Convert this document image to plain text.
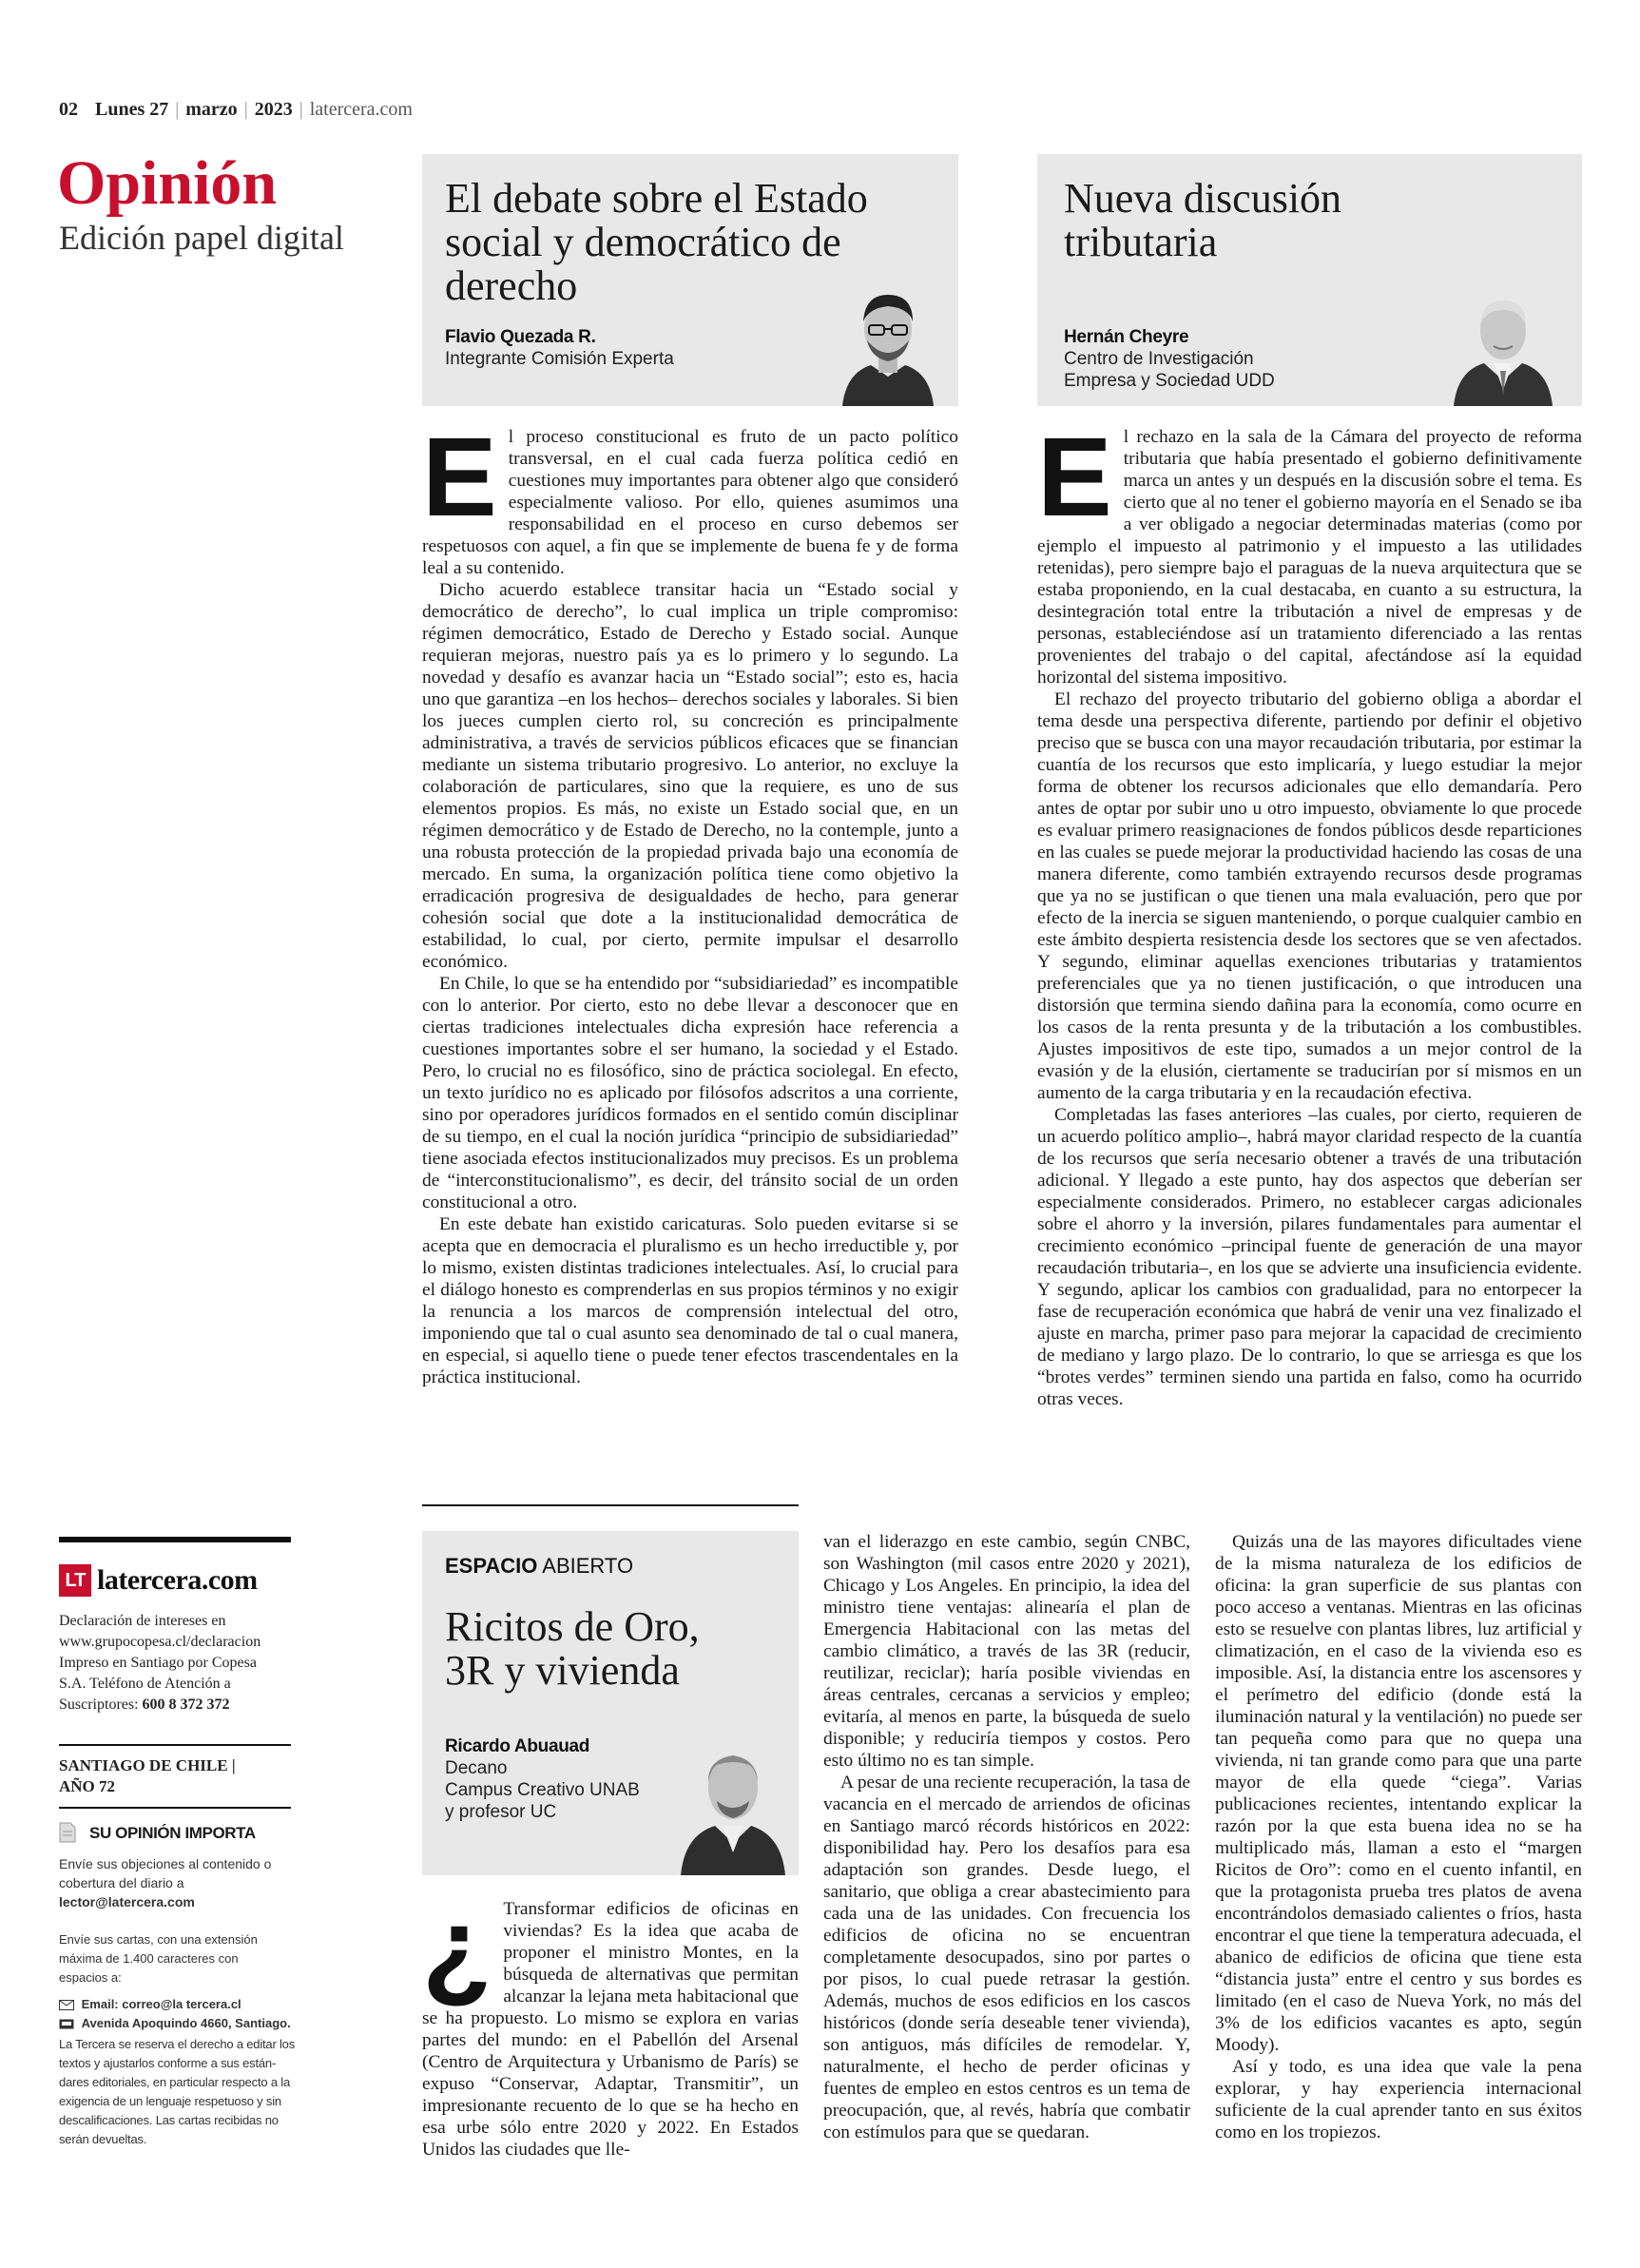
02 Lunes 27 | marzo | 2023 | latercera.com
Opinión
Edición papel digital
El debate sobre el Estado
social y democrático de
derecho
Flavio Quezada R.
Integrante Comisión Experta
Nueva discusión
tributaria
Hernán Cheyre
Centro de Investigación
Empresa y Sociedad UDD
E l proceso constitucional es fruto de un pacto político transversal, en el cual cada fuerza política cedió en cuestiones muy importantes para obtener algo que consideró especialmente valioso. Por ello, quienes asumimos una responsabilidad en el proceso en curso debemos ser respetuosos con aquel, a fin que se implemente de buena fe y de forma leal a su contenido.

Dicho acuerdo establece transitar hacia un “Estado social y democrático de derecho”, lo cual implica un triple compromiso: régimen democrático, Estado de Derecho y Estado social. Aunque requieran mejoras, nuestro país ya es lo primero y lo segundo. La novedad y desafío es avanzar hacia un “Estado social”; esto es, hacia uno que garantiza –en los hechos– derechos sociales y laborales. Si bien los jueces cumplen cierto rol, su concreción es principalmente administrativa, a través de servicios públicos eficaces que se financian mediante un sistema tributario progresivo. Lo anterior, no excluye la colaboración de particulares, sino que la requiere, es uno de sus elementos propios. Es más, no existe un Estado social que, en un régimen democrático y de Estado de Derecho, no la contemple, junto a una robusta protección de la propiedad privada bajo una economía de mercado. En suma, la organización política tiene como objetivo la erradicación progresiva de desigualdades de hecho, para generar cohesión social que dote a la institucionalidad democrática de estabilidad, lo cual, por cierto, permite impulsar el desarrollo económico.

En Chile, lo que se ha entendido por “subsidiariedad” es incompatible con lo anterior. Por cierto, esto no debe llevar a desconocer que en ciertas tradiciones intelectuales dicha expresión hace referencia a cuestiones importantes sobre el ser humano, la sociedad y el Estado. Pero, lo crucial no es filosófico, sino de práctica sociolegal. En efecto, un texto jurídico no es aplicado por filósofos adscritos a una corriente, sino por operadores jurídicos formados en el sentido común disciplinar de su tiempo, en el cual la noción jurídica “principio de subsidiariedad” tiene asociada efectos institucionalizados muy precisos. Es un problema de “interconstitucionalismo”, es decir, del tránsito social de un orden constitucional a otro.

En este debate han existido caricaturas. Solo pueden evitarse si se acepta que en democracia el pluralismo es un hecho irreductible y, por lo mismo, existen distintas tradiciones intelectuales. Así, lo crucial para el diálogo honesto es comprenderlas en sus propios términos y no exigir la renuncia a los marcos de comprensión intelectual del otro, imponiendo que tal o cual asunto sea denominado de tal o cual manera, en especial, si aquello tiene o puede tener efectos trascendentales en la práctica institucional.

E l rechazo en la sala de la Cámara del proyecto de reforma tributaria que había presentado el gobierno definitivamente marca un antes y un después en la discusión sobre el tema. Es cierto que al no tener el gobierno mayoría en el Senado se iba a ver obligado a negociar determinadas materias (como por ejemplo el impuesto al patrimonio y el impuesto a las utilidades retenidas), pero siempre bajo el paraguas de la nueva arquitectura que se estaba proponiendo, en la cual destacaba, en cuanto a su estructura, la desintegración total entre la tributación a nivel de empresas y de personas, estableciéndose así un tratamiento diferenciado a las rentas provenientes del trabajo o del capital, afectándose así la equidad horizontal del sistema impositivo.

El rechazo del proyecto tributario del gobierno obliga a abordar el tema desde una perspectiva diferente, partiendo por definir el objetivo preciso que se busca con una mayor recaudación tributaria, por estimar la cuantía de los recursos que esto implicaría, y luego estudiar la mejor forma de obtener los recursos adicionales que ello demandaría. Pero antes de optar por subir uno u otro impuesto, obviamente lo que procede es evaluar primero reasignaciones de fondos públicos desde reparticiones en las cuales se puede mejorar la productividad haciendo las cosas de una manera diferente, como también extrayendo recursos desde programas que ya no se justifican o que tienen una mala evaluación, pero que por efecto de la inercia se siguen manteniendo, o porque cualquier cambio en este ámbito despierta resistencia desde los sectores que se ven afectados. Y segundo, eliminar aquellas exenciones tributarias y tratamientos preferenciales que ya no tienen justificación, o que introducen una distorsión que termina siendo dañina para la economía, como ocurre en los casos de la renta presunta y de la tributación a los combustibles. Ajustes impositivos de este tipo, sumados a un mejor control de la evasión y de la elusión, ciertamente se traducirían por sí mismos en un aumento de la carga tributaria y en la recaudación efectiva.

Completadas las fases anteriores –las cuales, por cierto, requieren de un acuerdo político amplio–, habrá mayor claridad respecto de la cuantía de los recursos que sería necesario obtener a través de una tributación adicional. Y llegado a este punto, hay dos aspectos que deberían ser especialmente considerados. Primero, no establecer cargas adicionales sobre el ahorro y la inversión, pilares fundamentales para aumentar el crecimiento económico –principal fuente de generación de una mayor recaudación tributaria–, en los que se advierte una insuficiencia evidente. Y segundo, aplicar los cambios con gradualidad, para no entorpecer la fase de recuperación económica que habrá de venir una vez finalizado el ajuste en marcha, primer paso para mejorar la capacidad de crecimiento de mediano y largo plazo. De lo contrario, lo que se arriesga es que los “brotes verdes” terminen siendo una partida en falso, como ha ocurrido otras veces.

LT latercera.com
Declaración de intereses en
www.grupocopesa.cl/declaracion
Impreso en Santiago por Copesa
S.A. Teléfono de Atención a
Suscriptores: 600 8 372 372
SANTIAGO DE CHILE |
AÑO 72
SU OPINIÓN IMPORTA
Envíe sus objeciones al contenido o
cobertura del diario a
lector@latercera.com
Envíe sus cartas, con una extensión
máxima de 1.400 caracteres con
espacios a:
Email: correo@la tercera.cl
Avenida Apoquindo 4660, Santiago.
La Tercera se reserva el derecho a editar los
textos y ajustarlos conforme a sus están-
dares editoriales, en particular respecto a la
exigencia de un lenguaje respetuoso y sin
descalificaciones. Las cartas recibidas no
serán devueltas.
ESPACIO ABIERTO
Ricitos de Oro,
3R y vivienda
Ricardo Abuauad
Decano
Campus Creativo UNAB
y profesor UC
¿ Transformar edificios de oficinas en viviendas? Es la idea que acaba de proponer el ministro Montes, en la búsqueda de alternativas que permitan alcanzar la lejana meta habitacional que se ha propuesto. Lo mismo se explora en varias partes del mundo: en el Pabellón del Arsenal (Centro de Arquitectura y Urbanismo de París) se expuso “Conservar, Adaptar, Transmitir”, un impresionante recuento de lo que se ha hecho en esa urbe sólo entre 2020 y 2022. En Estados Unidos las ciudades que lle-

van el liderazgo en este cambio, según CNBC, son Washington (mil casos entre 2020 y 2021), Chicago y Los Angeles. En principio, la idea del ministro tiene ventajas: alinearía el plan de Emergencia Habitacional con las metas del cambio climático, a través de las 3R (reducir, reutilizar, reciclar); haría posible viviendas en áreas centrales, cercanas a servicios y empleo; evitaría, al menos en parte, la búsqueda de suelo disponible; y reduciría tiempos y costos. Pero esto último no es tan simple.

A pesar de una reciente recuperación, la tasa de vacancia en el mercado de arriendos de oficinas en Santiago marcó récords históricos en 2022: disponibilidad hay. Pero los desafíos para esa adaptación son grandes. Desde luego, el sanitario, que obliga a crear abastecimiento para cada una de las unidades. Con frecuencia los edificios de oficina no se encuentran completamente desocupados, sino por partes o por pisos, lo cual puede retrasar la gestión. Además, muchos de esos edificios en los cascos históricos (donde sería deseable tener vivienda), son antiguos, más difíciles de remodelar. Y, naturalmente, el hecho de perder oficinas y fuentes de empleo en estos centros es un tema de preocupación, que, al revés, habría que combatir con estímulos para que se quedaran.

Quizás una de las mayores dificultades viene de la misma naturaleza de los edificios de oficina: la gran superficie de sus plantas con poco acceso a ventanas. Mientras en las oficinas esto se resuelve con plantas libres, luz artificial y climatización, en el caso de la vivienda eso es imposible. Así, la distancia entre los ascensores y el perímetro del edificio (donde está la iluminación natural y la ventilación) no puede ser tan pequeña como para que no quepa una vivienda, ni tan grande como para que una parte mayor de ella quede “ciega”. Varias publicaciones recientes, intentando explicar la razón por la que esta buena idea no se ha multiplicado más, llaman a esto el “margen Ricitos de Oro”: como en el cuento infantil, en que la protagonista prueba tres platos de avena encontrándolos demasiado calientes o fríos, hasta encontrar el que tiene la temperatura adecuada, el abanico de edificios de oficina que tiene esta “distancia justa” entre el centro y sus bordes es limitado (en el caso de Nueva York, no más del 3% de los edificios vacantes es apto, según Moody).

Así y todo, es una idea que vale la pena explorar, y hay experiencia internacional suficiente de la cual aprender tanto en sus éxitos como en los tropiezos.
